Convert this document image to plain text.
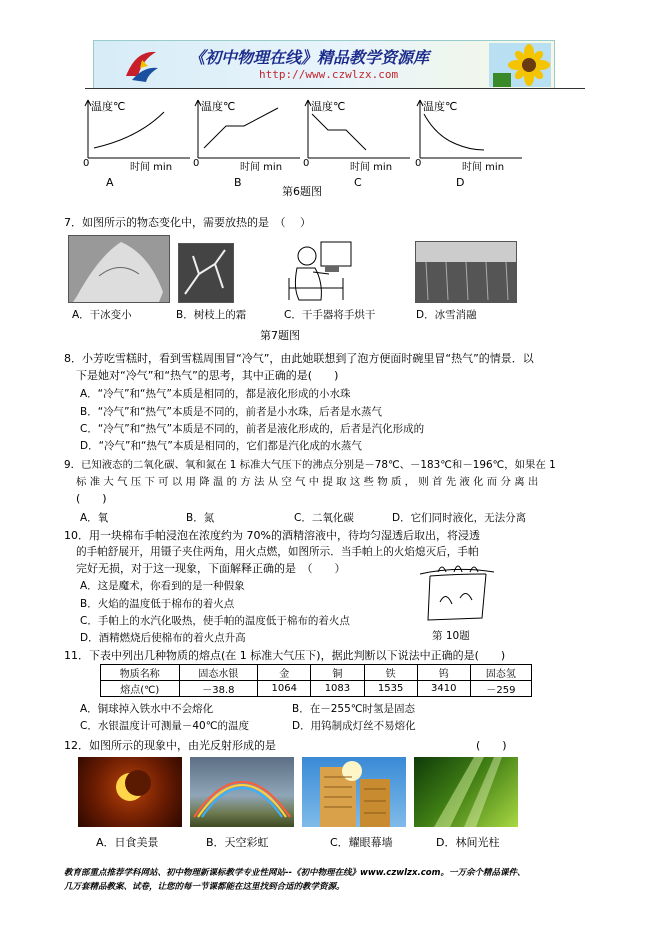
《初中物理在线》精品教学资源库
http://www.czwlzx.com
温度℃
0	时间 min
A
温度℃
0	时间 min
B
温度℃
0	时间 min
C
温度℃
0	时间 min
D
第6题图
7．如图所示的物态变化中，需要放热的是　（　 ）
A．干冰变小	B．树枝上的霜	C．干手器将手烘干	D．冰雪消融
第7题图
8．小芳吃雪糕时，看到雪糕周围冒“冷气”，由此她联想到了泡方便面时碗里冒“热气”的情景．以
下是她对“冷气”和“热气”的思考，其中正确的是(　　)
A．“冷气”和“热气”本质是相同的，都是液化形成的小水珠
B．“冷气”和“热气”本质是不同的，前者是小水珠，后者是水蒸气
C．“冷气”和“热气”本质是不同的，前者是液化形成的，后者是汽化形成的
D．“冷气”和“热气”本质是相同的，它们都是汽化成的水蒸气
9．已知液态的二氧化碳、氧和氮在 1 标准大气压下的沸点分别是－78℃、－183℃和－196℃，如果在 1
标 准 大 气 压 下 可 以 用 降 温 的 方 法 从 空 气 中 提 取 这 些 物 质 ， 则 首 先 液 化 而 分 离 出
(　　)
A．氧	B．氮	C．二氧化碳	D．它们同时液化，无法分离
10．用一块棉布手帕浸泡在浓度约为 70%的酒精溶液中，待均匀湿透后取出，将浸透
的手帕舒展开，用镊子夹住两角，用火点燃，如图所示．当手帕上的火焰熄灭后，手帕
完好无损，对于这一现象，下面解释正确的是　（　　）
A．这是魔术，你看到的是一种假象
B．火焰的温度低于棉布的着火点
C．手帕上的水汽化吸热，使手帕的温度低于棉布的着火点
D．酒精燃烧后使棉布的着火点升高	第 10题
11．下表中列出几种物质的熔点(在 1 标准大气压下)，据此判断以下说法中正确的是(　　)
物质名称	固态水银	金	铜	铁	钨	固态氢
熔点(℃)	－38.8	1064	1083	1535	3410	－259
A．铜球掉入铁水中不会熔化	B．在－255℃时氢是固态
C．水银温度计可测量－40℃的温度	D．用钨制成灯丝不易熔化
12．如图所示的现象中，由光反射形成的是	(　　)
A．日食美景	B．天空彩虹	C．耀眼幕墙	D．林间光柱
教育部重点推荐学科网站、初中物理新课标教学专业性网站--《初中物理在线》www.czwlzx.com。一万余个精品课件、
几万套精品教案、试卷，让您的每一节课都能在这里找到合适的教学资源。
